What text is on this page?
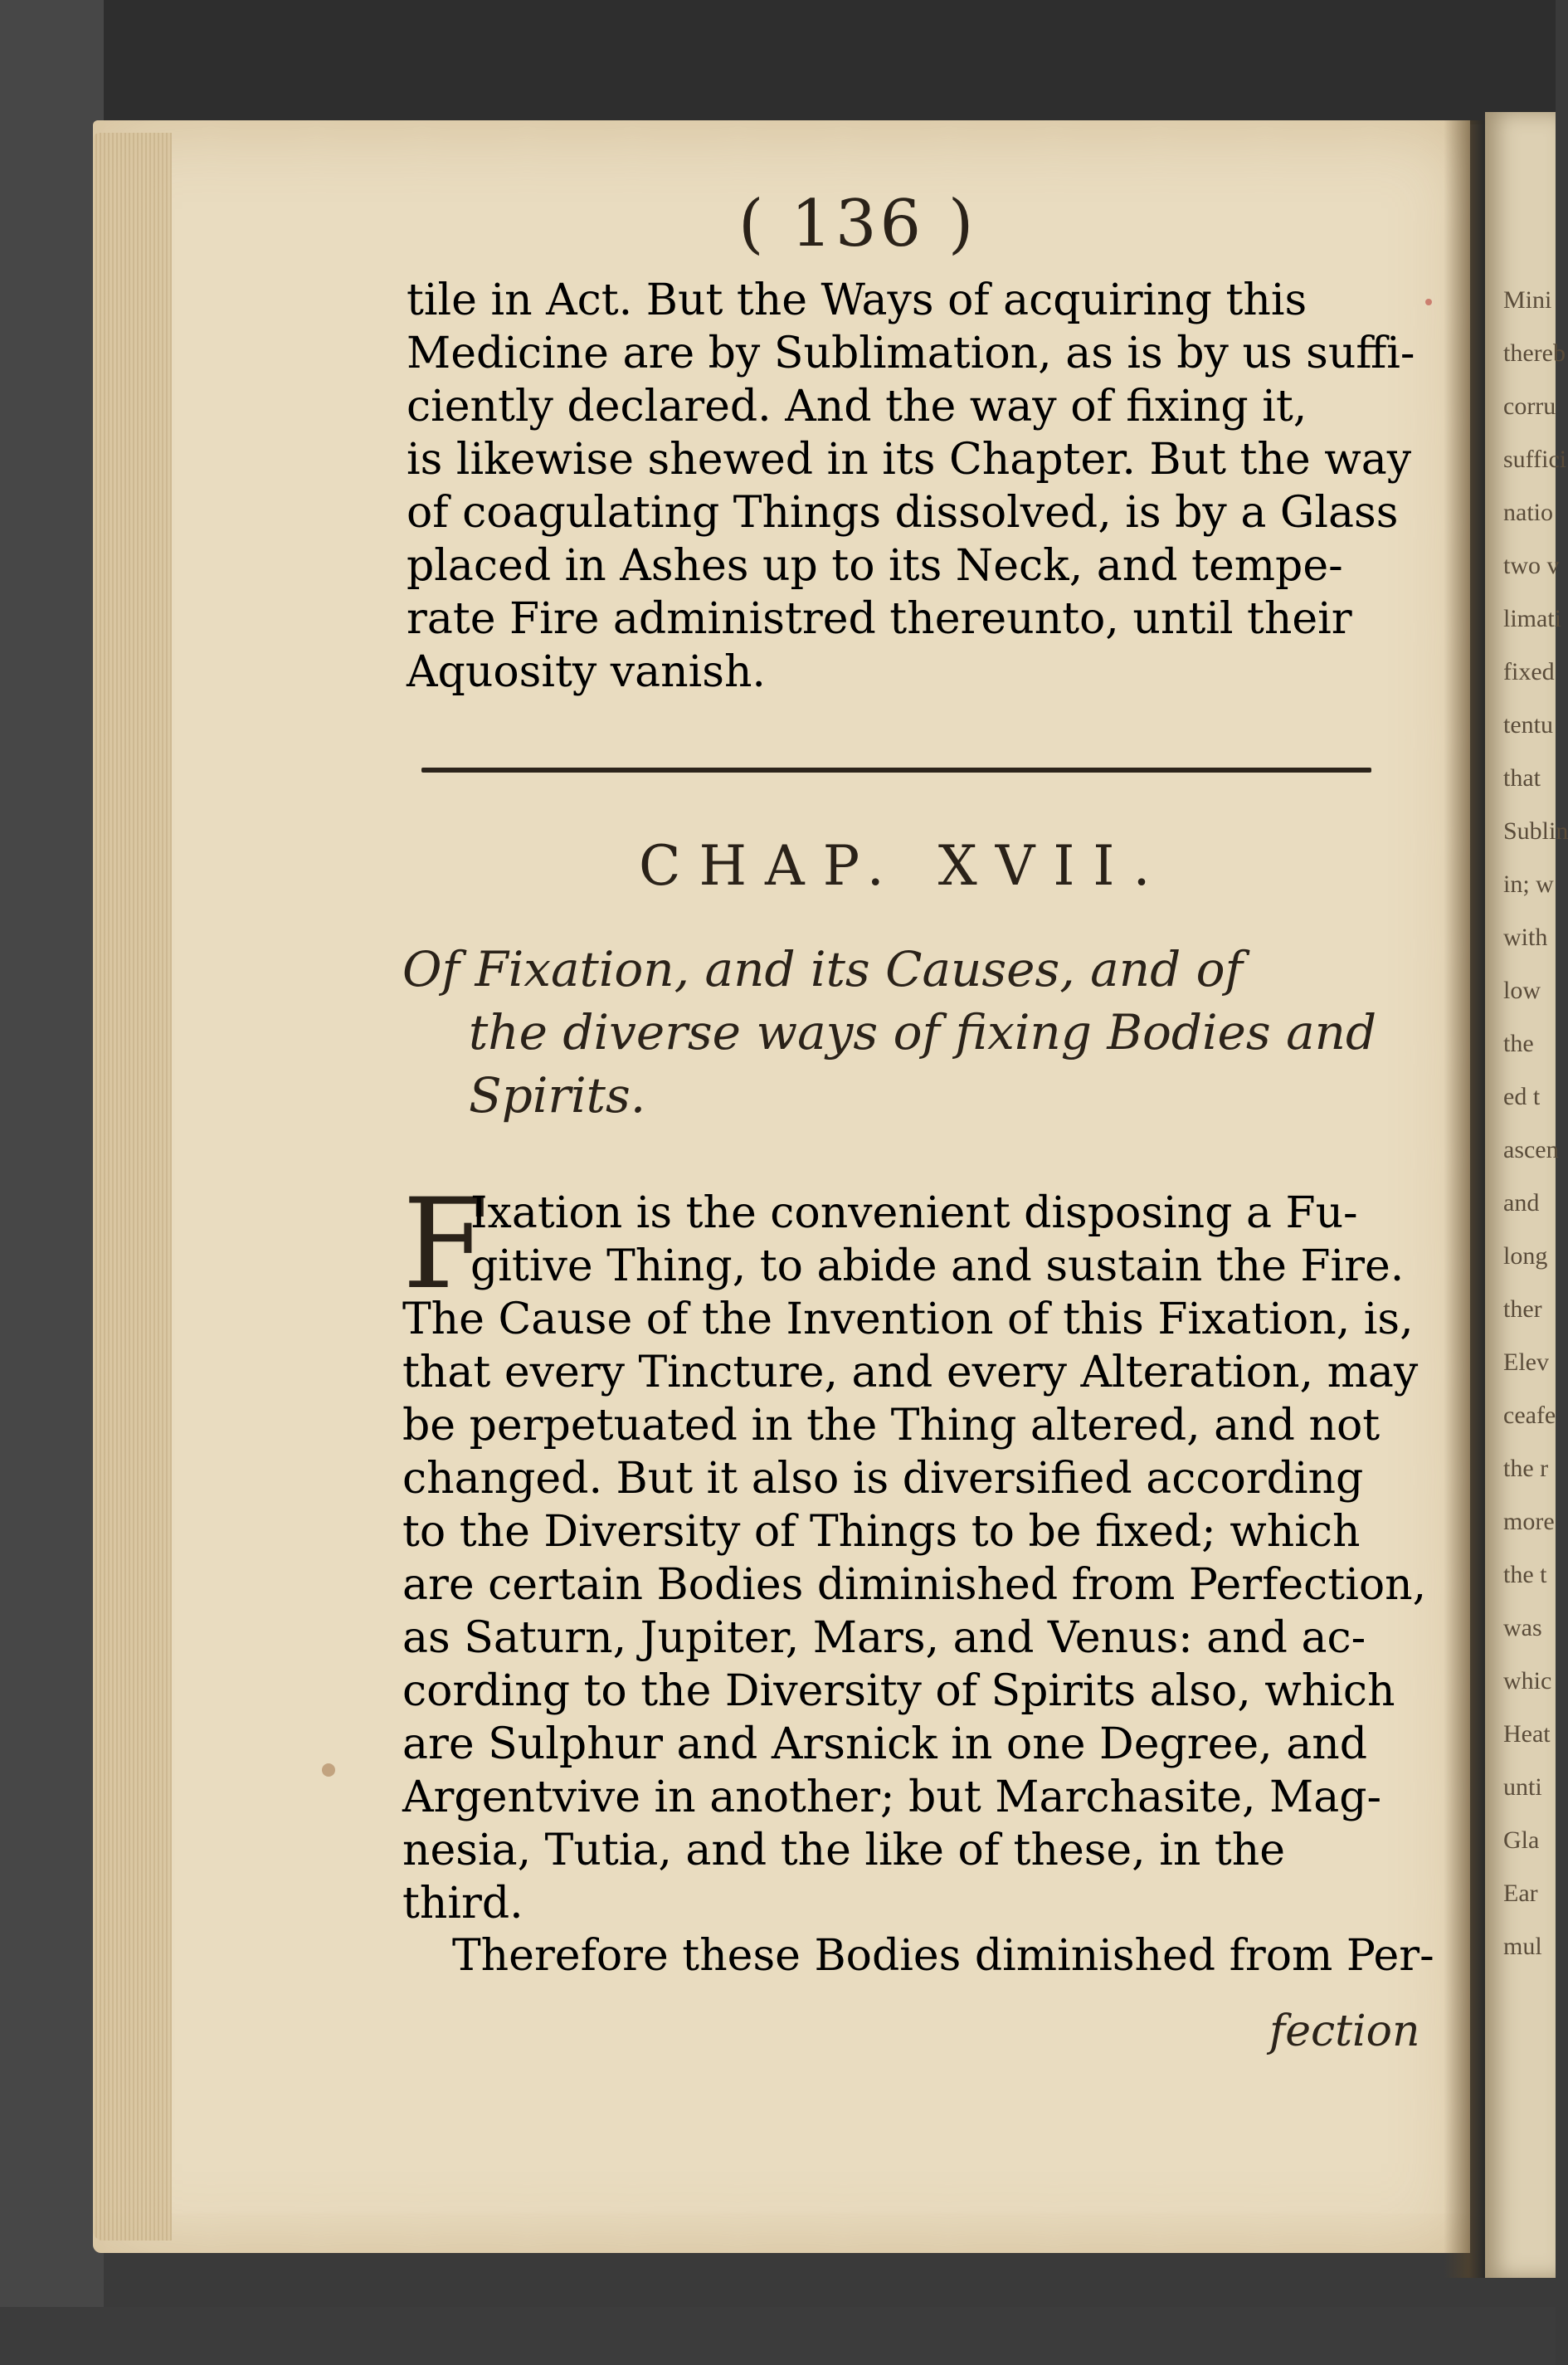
Mini
thereb
corru
suffici
natio
two v
limati
fixed
tentu
that
Sublin
in; w
with
low
the
ed t
ascen
and
long
ther
Elev
ceafe
the r
more
the t
was
whic
Heat
unti
Gla
Ear
mul
( 136 )
tile in Act. But the Ways of acquiring this
Medicine are by Sublimation, as is by us suffi-
ciently declared. And the way of fixing it,
is likewise shewed in its Chapter. But the way
of coagulating Things dissolved, is by a Glass
placed in Ashes up to its Neck, and tempe-
rate Fire administred thereunto, until their
Aquosity vanish.
CHAP. XVII.
Of Fixation, and its Causes, and of
the diverse ways of fixing Bodies and
Spirits.
F
Ixation is the convenient disposing a Fu-
gitive Thing, to abide and sustain the Fire.
The Cause of the Invention of this Fixation, is,
that every Tincture, and every Alteration, may
be perpetuated in the Thing altered, and not
changed. But it also is diversified according
to the Diversity of Things to be fixed; which
are certain Bodies diminished from Perfection,
as Saturn, Jupiter, Mars, and Venus: and ac-
cording to the Diversity of Spirits also, which
are Sulphur and Arsnick in one Degree, and
Argentvive in another; but Marchasite, Mag-
nesia, Tutia, and the like of these, in the
third.
Therefore these Bodies diminished from Per-
fection
